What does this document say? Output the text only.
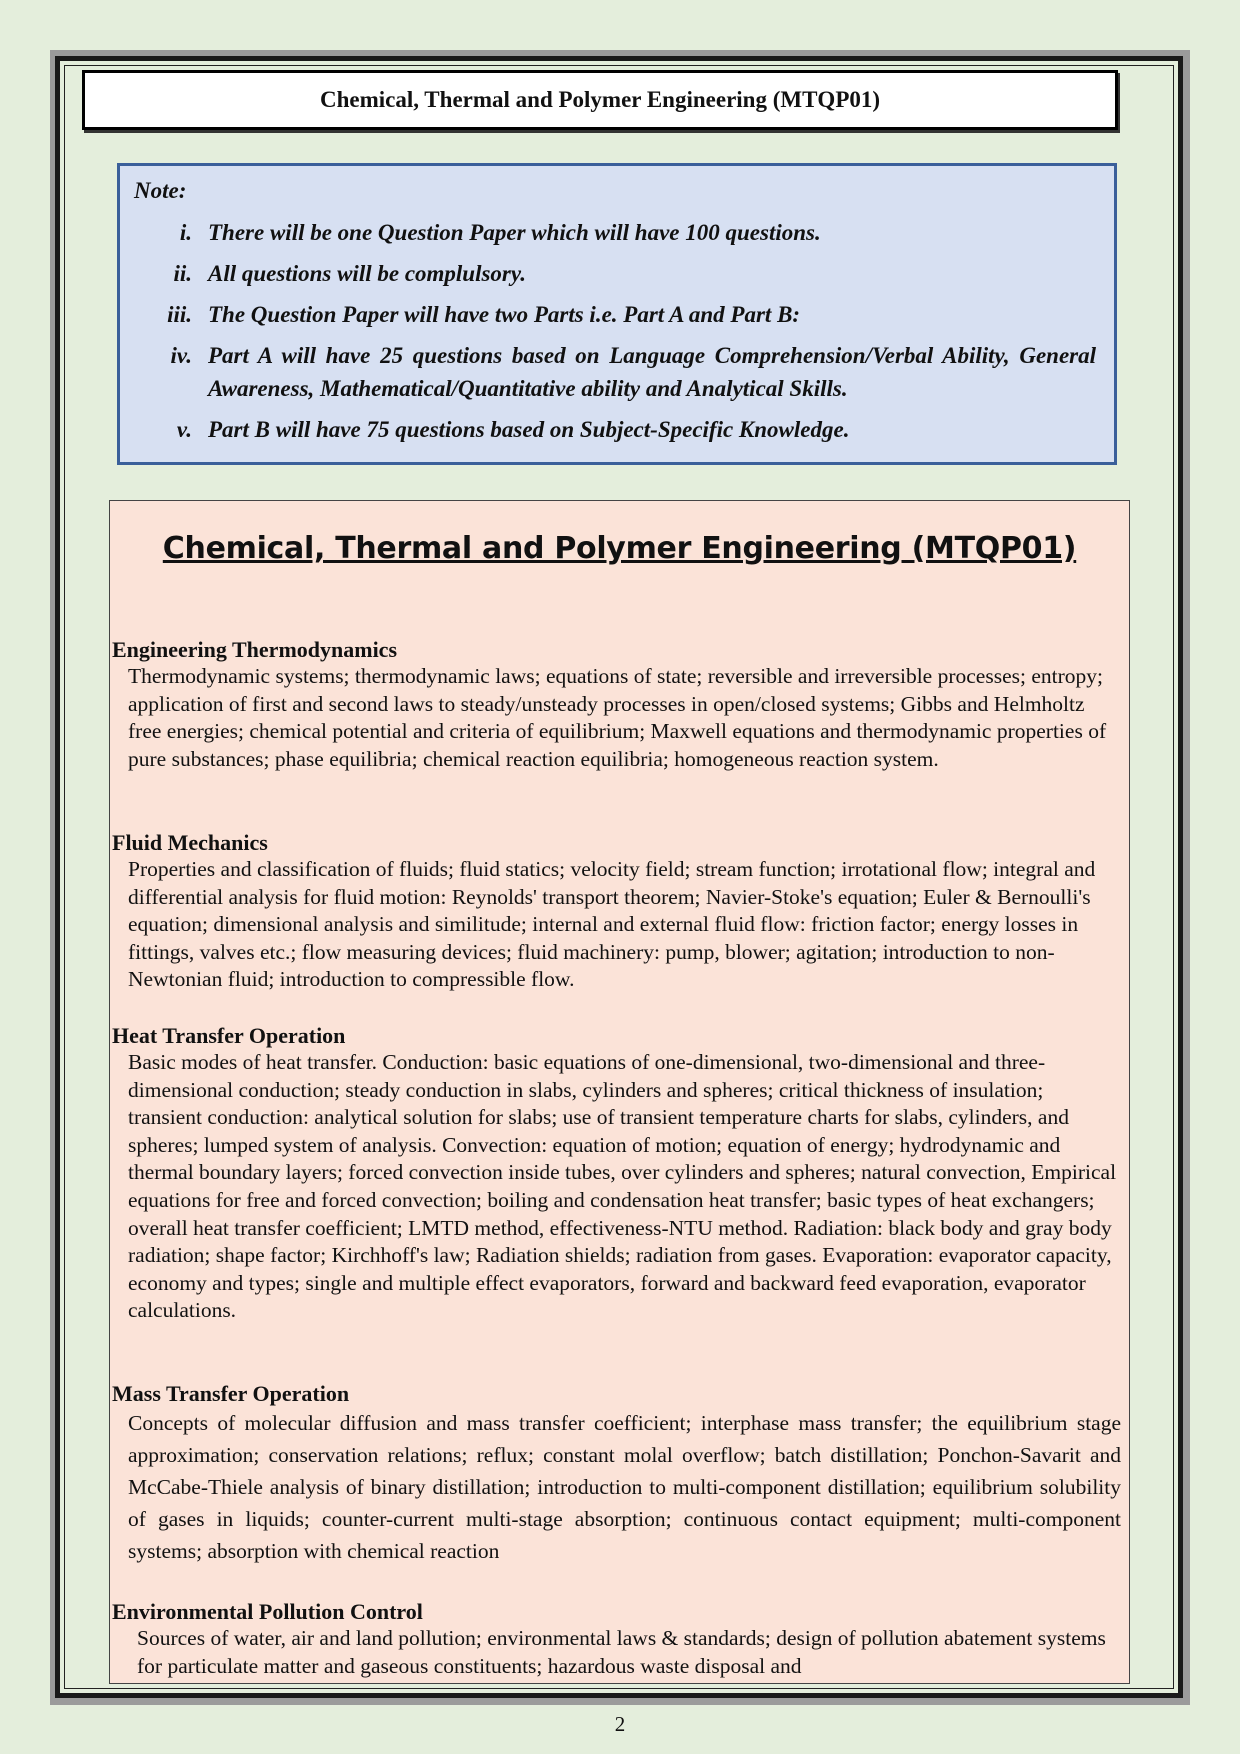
Chemical, Thermal and Polymer Engineering (MTQP01)
Note:
i. There will be one Question Paper which will have 100 questions.
ii. All questions will be complulsory.
iii. The Question Paper will have two Parts i.e. Part A and Part B:
iv. Part A will have 25 questions based on Language Comprehension/Verbal Ability, General Awareness, Mathematical/Quantitative ability and Analytical Skills.
v. Part B will have 75 questions based on Subject-Specific Knowledge.
Chemical, Thermal and Polymer Engineering (MTQP01)
Engineering Thermodynamics
Thermodynamic systems; thermodynamic laws; equations of state; reversible and irreversible processes; entropy; application of first and second laws to steady/unsteady processes in open/closed systems; Gibbs and Helmholtz free energies; chemical potential and criteria of equilibrium; Maxwell equations and thermodynamic properties of pure substances; phase equilibria; chemical reaction equilibria; homogeneous reaction system.
Fluid Mechanics
Properties and classification of fluids; fluid statics; velocity field; stream function; irrotational flow; integral and differential analysis for fluid motion: Reynolds' transport theorem; Navier-Stoke's equation; Euler & Bernoulli's equation; dimensional analysis and similitude; internal and external fluid flow: friction factor; energy losses in fittings, valves etc.; flow measuring devices; fluid machinery: pump, blower; agitation; introduction to non-Newtonian fluid; introduction to compressible flow.
Heat Transfer Operation
Basic modes of heat transfer. Conduction: basic equations of one-dimensional, two-dimensional and three-dimensional conduction; steady conduction in slabs, cylinders and spheres; critical thickness of insulation; transient conduction: analytical solution for slabs; use of transient temperature charts for slabs, cylinders, and spheres; lumped system of analysis. Convection: equation of motion; equation of energy; hydrodynamic and thermal boundary layers; forced convection inside tubes, over cylinders and spheres; natural convection, Empirical equations for free and forced convection; boiling and condensation heat transfer; basic types of heat exchangers; overall heat transfer coefficient; LMTD method, effectiveness-NTU method. Radiation: black body and gray body radiation; shape factor; Kirchhoff's law; Radiation shields; radiation from gases. Evaporation: evaporator capacity, economy and types; single and multiple effect evaporators, forward and backward feed evaporation, evaporator calculations.
Mass Transfer Operation
Concepts of molecular diffusion and mass transfer coefficient; interphase mass transfer; the equilibrium stage approximation; conservation relations; reflux; constant molal overflow; batch distillation; Ponchon-Savarit and McCabe-Thiele analysis of binary distillation; introduction to multi-component distillation; equilibrium solubility of gases in liquids; counter-current multi-stage absorption; continuous contact equipment; multi-component systems; absorption with chemical reaction
Environmental Pollution Control
Sources of water, air and land pollution; environmental laws & standards; design of pollution abatement systems for particulate matter and gaseous constituents; hazardous waste disposal and
2
